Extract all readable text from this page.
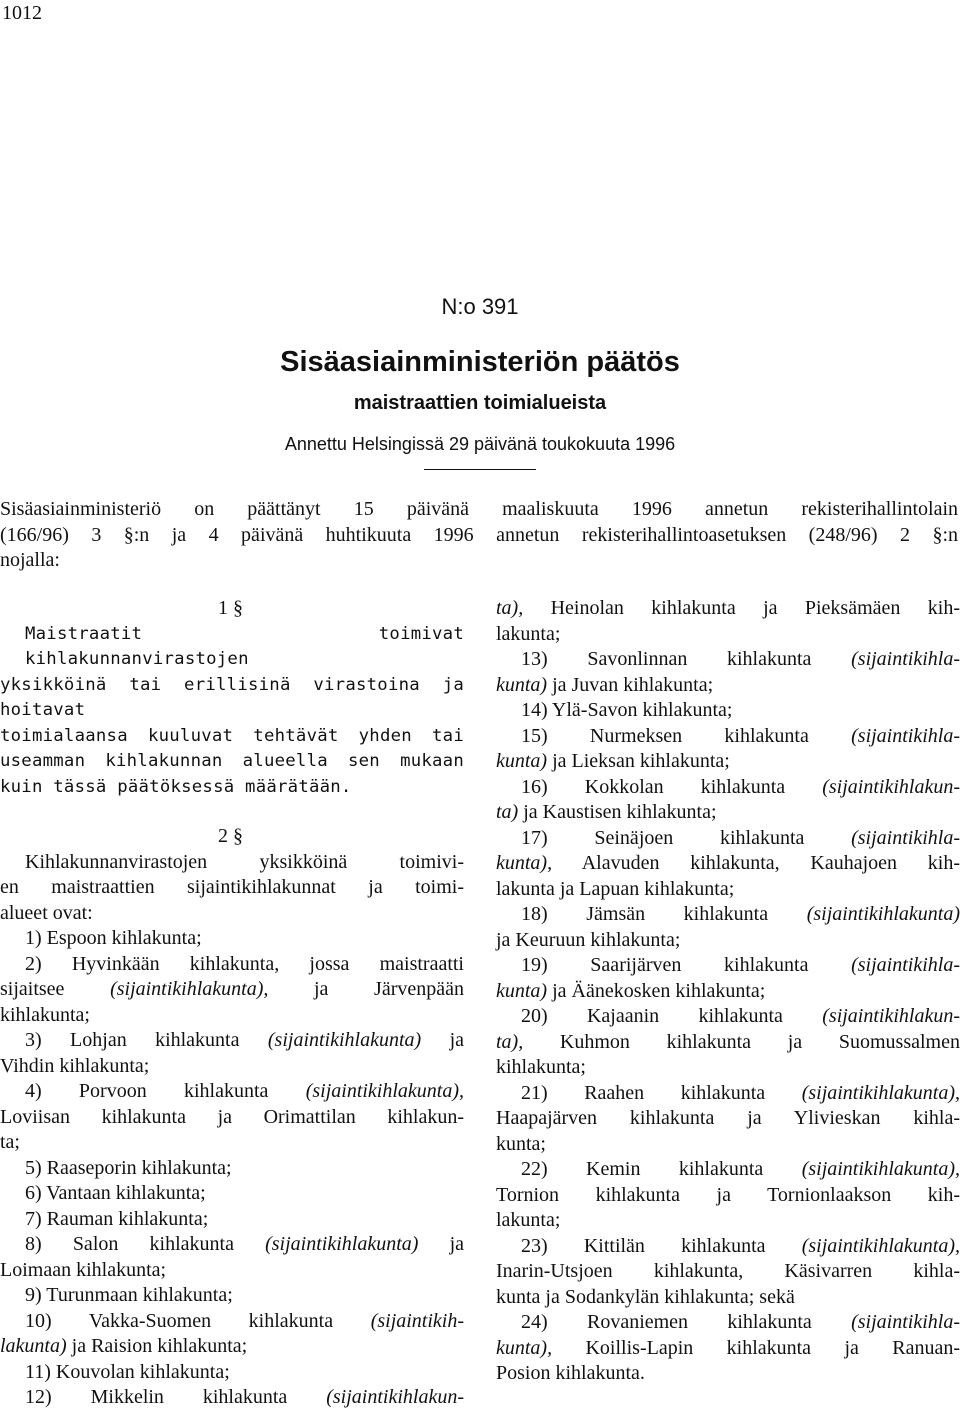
1012
N:o 391
Sisäasiainministeriön päätös
maistraattien toimialueista
Annettu Helsingissä 29 päivänä toukokuuta 1996
Sisäasiainministeriö on päättänyt 15 päivänä maaliskuuta 1996 annetun rekisterihallintolain
(166/96) 3 §:n ja 4 päivänä huhtikuuta 1996 annetun rekisterihallintoasetuksen (248/96) 2 §:n
nojalla:
1 §
Maistraatit toimivat kihlakunnanvirastojen
yksikköinä tai erillisinä virastoina ja hoitavat
toimialaansa kuuluvat tehtävät yhden tai
useamman kihlakunnan alueella sen mukaan
kuin tässä päätöksessä määrätään.
2 §
Kihlakunnanvirastojen yksikköinä toimivi-
en maistraattien sijaintikihlakunnat ja toimi-
alueet ovat:
1) Espoon kihlakunta;
2) Hyvinkään kihlakunta, jossa maistraatti
sijaitsee (sijaintikihlakunta), ja Järvenpään
kihlakunta;
3) Lohjan kihlakunta (sijaintikihlakunta) ja
Vihdin kihlakunta;
4) Porvoon kihlakunta (sijaintikihlakunta),
Loviisan kihlakunta ja Orimattilan kihlakun-
ta;
5) Raaseporin kihlakunta;
6) Vantaan kihlakunta;
7) Rauman kihlakunta;
8) Salon kihlakunta (sijaintikihlakunta) ja
Loimaan kihlakunta;
9) Turunmaan kihlakunta;
10) Vakka-Suomen kihlakunta (sijaintikih-
lakunta) ja Raision kihlakunta;
11) Kouvolan kihlakunta;
12) Mikkelin kihlakunta (sijaintikihlakun-
ta), Heinolan kihlakunta ja Pieksämäen kih-
lakunta;
13) Savonlinnan kihlakunta (sijaintikihla-
kunta) ja Juvan kihlakunta;
14) Ylä-Savon kihlakunta;
15) Nurmeksen kihlakunta (sijaintikihla-
kunta) ja Lieksan kihlakunta;
16) Kokkolan kihlakunta (sijaintikihlakun-
ta) ja Kaustisen kihlakunta;
17) Seinäjoen kihlakunta (sijaintikihla-
kunta), Alavuden kihlakunta, Kauhajoen kih-
lakunta ja Lapuan kihlakunta;
18) Jämsän kihlakunta (sijaintikihlakunta)
ja Keuruun kihlakunta;
19) Saarijärven kihlakunta (sijaintikihla-
kunta) ja Äänekosken kihlakunta;
20) Kajaanin kihlakunta (sijaintikihlakun-
ta), Kuhmon kihlakunta ja Suomussalmen
kihlakunta;
21) Raahen kihlakunta (sijaintikihlakunta),
Haapajärven kihlakunta ja Ylivieskan kihla-
kunta;
22) Kemin kihlakunta (sijaintikihlakunta),
Tornion kihlakunta ja Tornionlaakson kih-
lakunta;
23) Kittilän kihlakunta (sijaintikihlakunta),
Inarin-Utsjoen kihlakunta, Käsivarren kihla-
kunta ja Sodankylän kihlakunta; sekä
24) Rovaniemen kihlakunta (sijaintikihla-
kunta), Koillis-Lapin kihlakunta ja Ranuan-
Posion kihlakunta.
